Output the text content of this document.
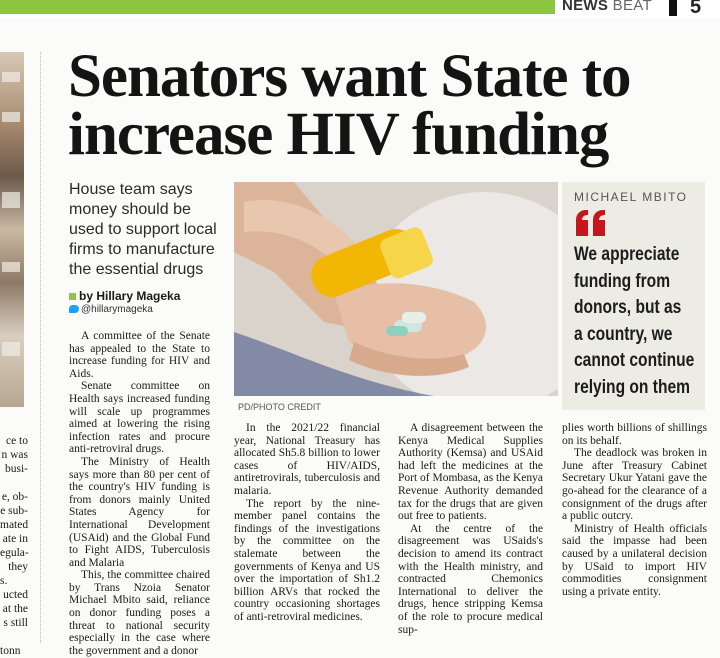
NEWS BEAT 5
ce to
n was
busi-
e, ob-
e sub-
mated
ate in
egula-
they
s.
ucted
at the
s still
tonn
Senators want State to
increase HIV funding
House team says money should be used to support local firms to manufacture the essential drugs
by Hillary Mageka
@hillarymageka

A committee of the Senate has appealed to the State to increase funding for HIV and Aids.

Senate committee on Health says increased funding will scale up programmes aimed at lowering the rising infection rates and procure anti-retroviral drugs.

The Ministry of Health says more than 80 per cent of the country's HIV funding is from donors mainly United States Agency for International Development (USAid) and the Global Fund to Fight AIDS, Tuberculosis and Malaria

This, the committee chaired by Trans Nzoia Senator Michael Mbito said, reliance on donor funding poses a threat to national security especially in the case where the government and a donor

PD/PHOTO CREDIT

In the 2021/22 financial year, National Treasury has allocated Sh5.8 billion to lower cases of HIV/AIDS, antiretrovirals, tuberculosis and malaria.

The report by the nine-member panel contains the findings of the investigations by the committee on the stalemate between the governments of Kenya and US over the importation of Sh1.2 billion ARVs that rocked the country occasioning shortages of anti-retroviral medicines.

A disagreement between the Kenya Medical Supplies Authority (Kemsa) and USAid had left the medicines at the Port of Mombasa, as the Kenya Revenue Authority demanded tax for the drugs that are given out free to patients.

At the centre of the disagreement was USaids's decision to amend its contract with the Health ministry, and contracted Chemonics International to deliver the drugs, hence stripping Kemsa of the role to procure medical sup-

plies worth billions of shillings on its behalf.

The deadlock was broken in June after Treasury Cabinet Secretary Ukur Yatani gave the go-ahead for the clearance of a consignment of the drugs after a public outcry.

Ministry of Health officials said the impasse had been caused by a unilateral decision by USaid to import HIV commodities consignment using a private entity.

MICHAEL MBITO
We appreciate
funding from
donors, but as
a country, we
cannot continue
relying on them
